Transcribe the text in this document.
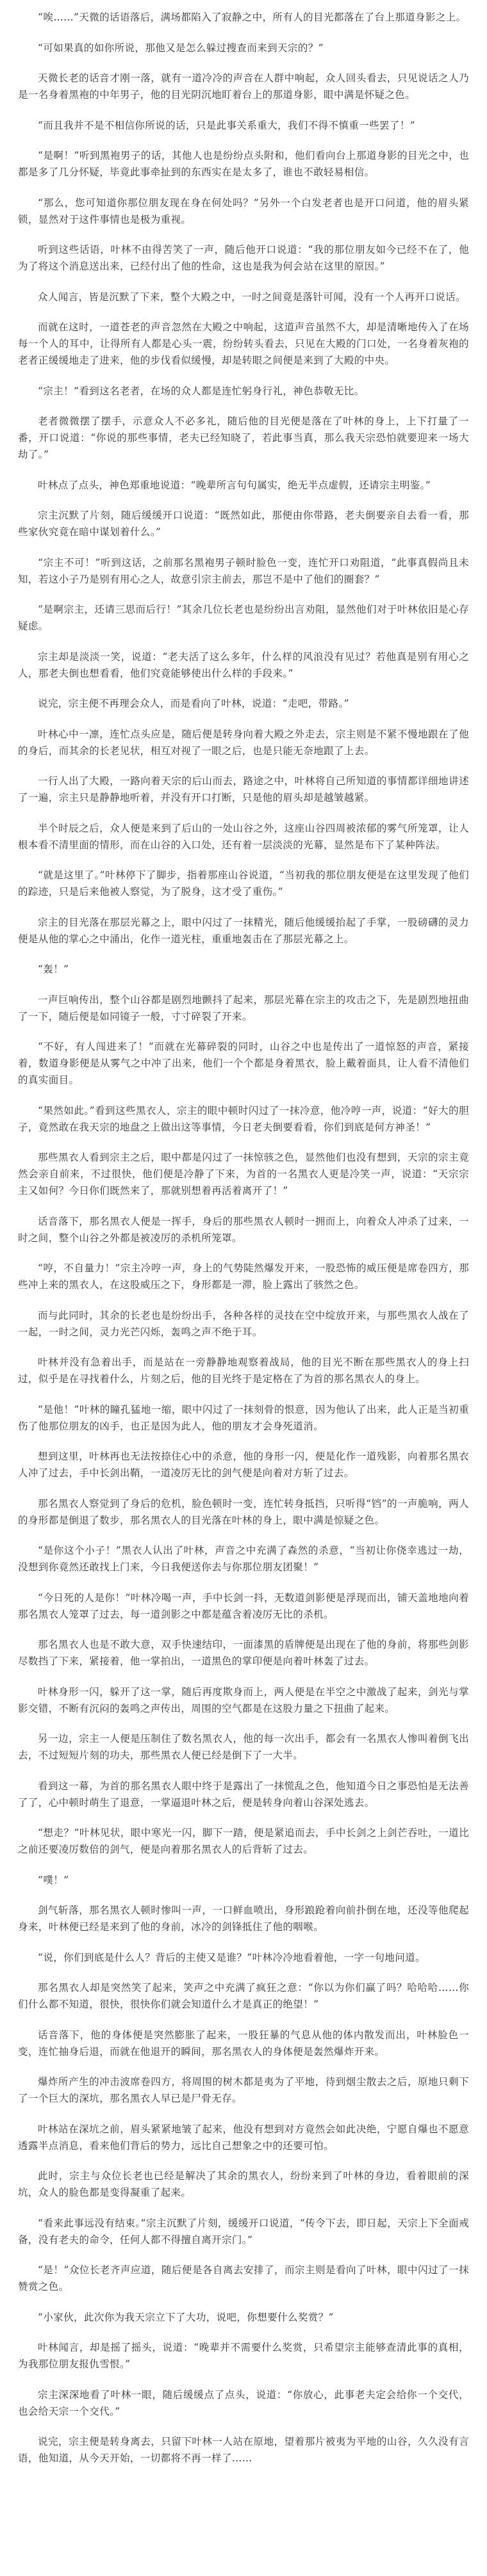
“唉……”天微的话语落后，满场都陷入了寂静之中，所有人的目光都落在了台上那道身影之上。

“可如果真的如你所说，那他又是怎么躲过搜查而来到天宗的？”

天微长老的话音才刚一落，就有一道冷冷的声音在人群中响起，众人回头看去，只见说话之人乃是一名身着黑袍的中年男子，他的目光阴沉地盯着台上的那道身影，眼中满是怀疑之色。

“而且我并不是不相信你所说的话，只是此事关系重大，我们不得不慎重一些罢了！”

“是啊！”听到黑袍男子的话，其他人也是纷纷点头附和，他们看向台上那道身影的目光之中，也都是多了几分怀疑，毕竟此事牵扯到的东西实在是太多了，谁也不敢轻易相信。

“那么，您可知道你那位朋友现在身在何处吗？”另外一个白发老者也是开口问道，他的眉头紧锁，显然对于这件事情也是极为重视。

听到这些话语，叶林不由得苦笑了一声，随后他开口说道：“我的那位朋友如今已经不在了，他为了将这个消息送出来，已经付出了他的性命，这也是我为何会站在这里的原因。”

众人闻言，皆是沉默了下来，整个大殿之中，一时之间竟是落针可闻，没有一个人再开口说话。

而就在这时，一道苍老的声音忽然在大殿之中响起，这道声音虽然不大，却是清晰地传入了在场每一个人的耳中，让得所有人都是心头一震，纷纷转头看去，只见在大殿的门口处，一名身着灰袍的老者正缓缓地走了进来，他的步伐看似缓慢，却是转眼之间便是来到了大殿的中央。

“宗主！”看到这名老者，在场的众人都是连忙躬身行礼，神色恭敬无比。

老者微微摆了摆手，示意众人不必多礼，随后他的目光便是落在了叶林的身上，上下打量了一番，开口说道：“你说的那些事情，老夫已经知晓了，若此事当真，那么我天宗恐怕就要迎来一场大劫了。”

叶林点了点头，神色郑重地说道：“晚辈所言句句属实，绝无半点虚假，还请宗主明鉴。”

宗主沉默了片刻，随后缓缓开口说道：“既然如此，那便由你带路，老夫倒要亲自去看一看，那些家伙究竟在暗中谋划着什么。”

“宗主不可！”听到这话，之前那名黑袍男子顿时脸色一变，连忙开口劝阻道，“此事真假尚且未知，若这小子乃是别有用心之人，故意引宗主前去，那岂不是中了他们的圈套？”

“是啊宗主，还请三思而后行！”其余几位长老也是纷纷出言劝阻，显然他们对于叶林依旧是心存疑虑。

宗主却是淡淡一笑，说道：“老夫活了这么多年，什么样的风浪没有见过？若他真是别有用心之人，那老夫倒也想看看，他们究竟能够使出什么样的手段来。”

说完，宗主便不再理会众人，而是看向了叶林，说道：“走吧，带路。”

叶林心中一凛，连忙点头应是，随后便是转身向着大殿之外走去，宗主则是不紧不慢地跟在了他的身后，而其余的长老见状，相互对视了一眼之后，也是只能无奈地跟了上去。

一行人出了大殿，一路向着天宗的后山而去，路途之中，叶林将自己所知道的事情都详细地讲述了一遍，宗主只是静静地听着，并没有开口打断，只是他的眉头却是越皱越紧。

半个时辰之后，众人便是来到了后山的一处山谷之外，这座山谷四周被浓郁的雾气所笼罩，让人根本看不清里面的情形，而在山谷的入口处，还有着一层淡淡的光幕，显然是布下了某种阵法。

“就是这里了。”叶林停下了脚步，指着那座山谷说道，“当初我的那位朋友便是在这里发现了他们的踪迹，只是后来他被人察觉，为了脱身，这才受了重伤。”

宗主的目光落在那层光幕之上，眼中闪过了一抹精光，随后他缓缓抬起了手掌，一股磅礴的灵力便是从他的掌心之中涌出，化作一道光柱，重重地轰击在了那层光幕之上。

“轰！”

一声巨响传出，整个山谷都是剧烈地颤抖了起来，那层光幕在宗主的攻击之下，先是剧烈地扭曲了一下，随后便是如同镜子一般，寸寸碎裂了开来。

“不好，有人闯进来了！”而就在光幕碎裂的同时，山谷之中也是传出了一道惊怒的声音，紧接着，数道身影便是从雾气之中冲了出来，他们一个个都是身着黑衣，脸上戴着面具，让人看不清他们的真实面目。

“果然如此。”看到这些黑衣人，宗主的眼中顿时闪过了一抹冷意，他冷哼一声，说道：“好大的胆子，竟然敢在我天宗的地盘之上做出这等事情，今日老夫倒要看看，你们到底是何方神圣！”

那些黑衣人看到宗主之后，眼中都是闪过了一抹惊骇之色，显然他们也没有想到，天宗的宗主竟然会亲自前来，不过很快，他们便是冷静了下来，为首的一名黑衣人更是冷笑一声，说道：“天宗宗主又如何？今日你们既然来了，那就别想着再活着离开了！”

话音落下，那名黑衣人便是一挥手，身后的那些黑衣人顿时一拥而上，向着众人冲杀了过来，一时之间，整个山谷之外都是被凌厉的杀机所笼罩。

“哼，不自量力！”宗主冷哼一声，身上的气势陡然爆发开来，一股恐怖的威压便是席卷四方，那些冲上来的黑衣人，在这股威压之下，身形都是一滞，脸上露出了骇然之色。

而与此同时，其余的长老也是纷纷出手，各种各样的灵技在空中绽放开来，与那些黑衣人战在了一起，一时之间，灵力光芒闪烁，轰鸣之声不绝于耳。

叶林并没有急着出手，而是站在一旁静静地观察着战局，他的目光不断在那些黑衣人的身上扫过，似乎是在寻找着什么，片刻之后，他的目光终于是定格在了为首的那名黑衣人的身上。

“是他！”叶林的瞳孔猛地一缩，眼中闪过了一抹刻骨的恨意，因为他认了出来，此人正是当初重伤了他那位朋友的凶手，也正是因为此人，他的朋友才会身死道消。

想到这里，叶林再也无法按捺住心中的杀意，他的身形一闪，便是化作一道残影，向着那名黑衣人冲了过去，手中长剑出鞘，一道凌厉无比的剑气便是向着对方斩了过去。

那名黑衣人察觉到了身后的危机，脸色顿时一变，连忙转身抵挡，只听得“铛”的一声脆响，两人的身形都是倒退了数步，那名黑衣人的目光落在叶林的身上，眼中满是惊疑之色。

“是你这个小子！”黑衣人认出了叶林，声音之中充满了森然的杀意，“当初让你侥幸逃过一劫，没想到你竟然还敢找上门来，今日我便送你去与你那位朋友团聚！”

“今日死的人是你！”叶林冷喝一声，手中长剑一抖，无数道剑影便是浮现而出，铺天盖地地向着那名黑衣人笼罩了过去，每一道剑影之中都是蕴含着凌厉无比的杀机。

那名黑衣人也是不敢大意，双手快速结印，一面漆黑的盾牌便是出现在了他的身前，将那些剑影尽数挡了下来，紧接着，他一掌拍出，一道黑色的掌印便是向着叶林轰了过去。

叶林身形一闪，躲开了这一掌，随后再度欺身而上，两人便是在半空之中激战了起来，剑光与掌影交错，不断有沉闷的轰鸣之声传出，周围的空气都是在这股力量之下扭曲了起来。

另一边，宗主一人便是压制住了数名黑衣人，他的每一次出手，都会有一名黑衣人惨叫着倒飞出去，不过短短片刻的功夫，那些黑衣人便已经是倒下了一大半。

看到这一幕，为首的那名黑衣人眼中终于是露出了一抹慌乱之色，他知道今日之事恐怕是无法善了了，心中顿时萌生了退意，一掌逼退叶林之后，便是转身向着山谷深处逃去。

“想走？”叶林见状，眼中寒光一闪，脚下一踏，便是紧追而去，手中长剑之上剑芒吞吐，一道比之前还要凌厉数倍的剑气，便是向着那名黑衣人的后背斩了过去。

“噗！”

剑气斩落，那名黑衣人顿时惨叫一声，一口鲜血喷出，身形踉跄着向前扑倒在地，还没等他爬起身来，叶林便已经是来到了他的身前，冰冷的剑锋抵住了他的咽喉。

“说，你们到底是什么人？背后的主使又是谁？”叶林冷冷地看着他，一字一句地问道。

那名黑衣人却是突然笑了起来，笑声之中充满了疯狂之意：“你以为你们赢了吗？哈哈哈……你们什么都不知道，很快，很快你们就会知道什么才是真正的绝望！”

话音落下，他的身体便是突然膨胀了起来，一股狂暴的气息从他的体内散发而出，叶林脸色一变，连忙抽身后退，而就在他退开的瞬间，那名黑衣人的身体便是轰然爆炸开来。

爆炸所产生的冲击波席卷四方，将周围的树木都是夷为了平地，待到烟尘散去之后，原地只剩下了一个巨大的深坑，那名黑衣人早已是尸骨无存。

叶林站在深坑之前，眉头紧紧地皱了起来，他没有想到对方竟然会如此决绝，宁愿自爆也不愿意透露半点消息，看来他们背后的势力，远比自己想象之中的还要可怕。

此时，宗主与众位长老也已经是解决了其余的黑衣人，纷纷来到了叶林的身边，看着眼前的深坑，众人的脸色都是变得凝重了起来。

“看来此事远没有结束。”宗主沉默了片刻，缓缓开口说道，“传令下去，即日起，天宗上下全面戒备，没有老夫的命令，任何人都不得擅自离开宗门。”

“是！”众位长老齐声应道，随后便是各自离去安排了，而宗主则是看向了叶林，眼中闪过了一抹赞赏之色。

“小家伙，此次你为我天宗立下了大功，说吧，你想要什么奖赏？”

叶林闻言，却是摇了摇头，说道：“晚辈并不需要什么奖赏，只希望宗主能够查清此事的真相，为我那位朋友报仇雪恨。”

宗主深深地看了叶林一眼，随后缓缓点了点头，说道：“你放心，此事老夫定会给你一个交代，也会给天宗一个交代。”

说完，宗主便是转身离去，只留下叶林一人站在原地，望着那片被夷为平地的山谷，久久没有言语，他知道，从今天开始，一切都将不再一样了……
